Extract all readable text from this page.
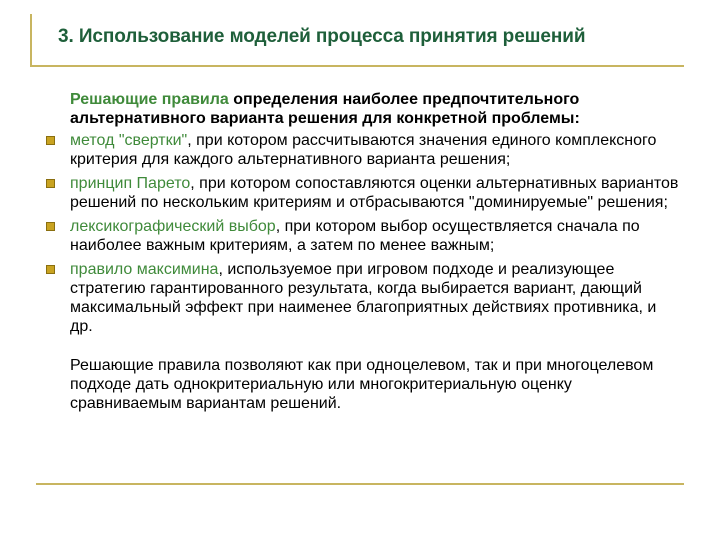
3. Использование моделей процесса принятия решений
Решающие правила определения наиболее предпочтительного альтернативного варианта решения для конкретной проблемы:
метод "свертки", при котором рассчитываются значения единого комплексного критерия для каждого альтернативного варианта решения;
принцип Парето, при котором сопоставляются оценки альтернативных вариантов решений по нескольким критериям и отбрасываются "доминируемые" решения;
лексикографический выбор, при котором выбор осуществляется сначала по наиболее важным критериям, а затем по менее важным;
правило максимина, используемое при игровом подходе и реализующее стратегию гарантированного результата, когда выбирается вариант, дающий максимальный эффект при наименее благоприятных действиях противника, и др.
Решающие правила позволяют как при одноцелевом, так и при многоцелевом подходе дать однокритериальную или многокритериальную оценку сравниваемым вариантам решений.
